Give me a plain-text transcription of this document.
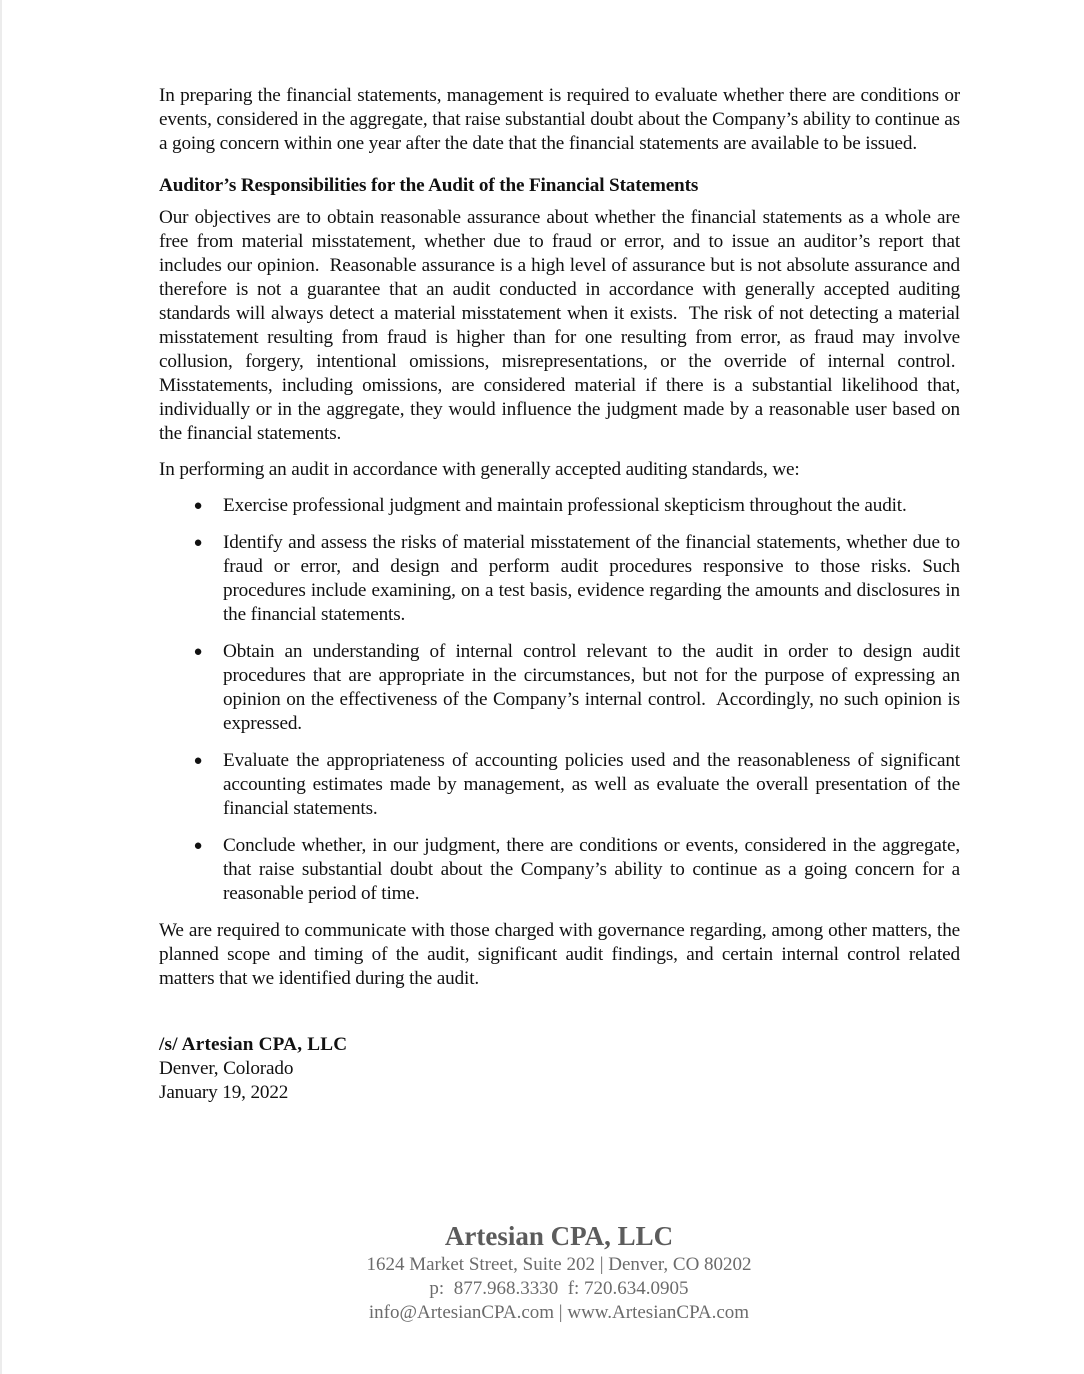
In preparing the financial statements, management is required to evaluate whether there are conditions or events, considered in the aggregate, that raise substantial doubt about the Company’s ability to continue as a going concern within one year after the date that the financial statements are available to be issued.

Auditor’s Responsibilities for the Audit of the Financial Statements

Our objectives are to obtain reasonable assurance about whether the financial statements as a whole are free from material misstatement, whether due to fraud or error, and to issue an auditor’s report that includes our opinion.  Reasonable assurance is a high level of assurance but is not absolute assurance and therefore is not a guarantee that an audit conducted in accordance with generally accepted auditing standards will always detect a material misstatement when it exists.  The risk of not detecting a material misstatement resulting from fraud is higher than for one resulting from error, as fraud may involve collusion, forgery, intentional omissions, misrepresentations, or the override of internal control.  Misstatements, including omissions, are considered material if there is a substantial likelihood that, individually or in the aggregate, they would influence the judgment made by a reasonable user based on the financial statements.

In performing an audit in accordance with generally accepted auditing standards, we:

● Exercise professional judgment and maintain professional skepticism throughout the audit.
● Identify and assess the risks of material misstatement of the financial statements, whether due to fraud or error, and design and perform audit procedures responsive to those risks. Such procedures include examining, on a test basis, evidence regarding the amounts and disclosures in the financial statements.
● Obtain an understanding of internal control relevant to the audit in order to design audit procedures that are appropriate in the circumstances, but not for the purpose of expressing an opinion on the effectiveness of the Company’s internal control.  Accordingly, no such opinion is expressed.
● Evaluate the appropriateness of accounting policies used and the reasonableness of significant accounting estimates made by management, as well as evaluate the overall presentation of the financial statements.
● Conclude whether, in our judgment, there are conditions or events, considered in the aggregate, that raise substantial doubt about the Company’s ability to continue as a going concern for a reasonable period of time.

We are required to communicate with those charged with governance regarding, among other matters, the planned scope and timing of the audit, significant audit findings, and certain internal control related matters that we identified during the audit.

/s/ Artesian CPA, LLC
Denver, Colorado
January 19, 2022
Artesian CPA, LLC
1624 Market Street, Suite 202 | Denver, CO 80202
p:  877.968.3330  f: 720.634.0905
info@ArtesianCPA.com | www.ArtesianCPA.com
